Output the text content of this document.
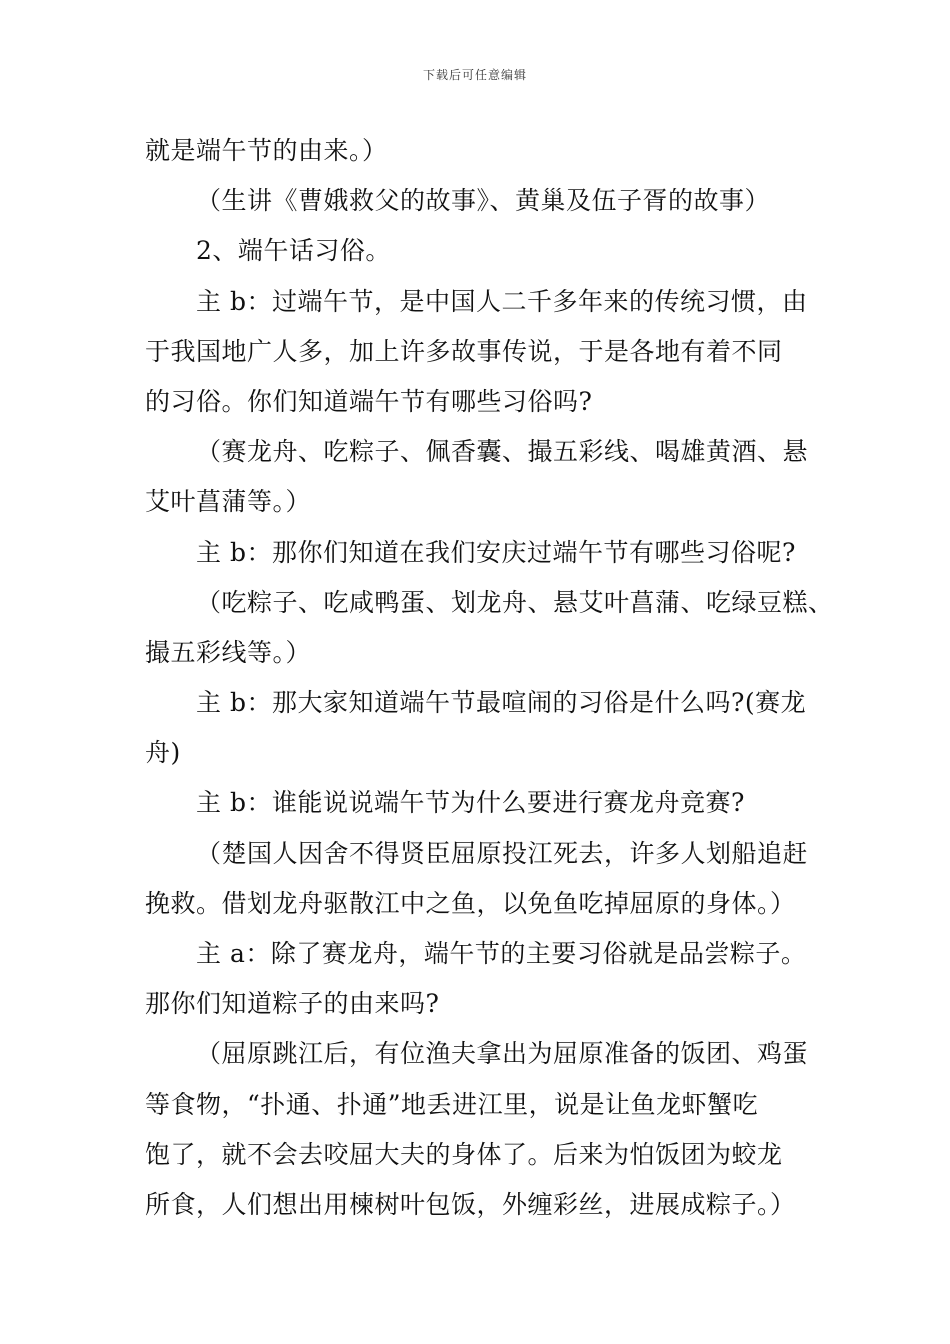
下载后可任意编辑
就是端午节的由来。）
（生讲《曹娥救父的故事》、黄巢及伍子胥的故事）
2、端午话习俗。
主 b：过端午节，是中国人二千多年来的传统习惯，由
于我国地广人多，加上许多故事传说，于是各地有着不同
的习俗。你们知道端午节有哪些习俗吗?
（赛龙舟、吃粽子、佩香囊、撮五彩线、喝雄黄酒、悬
艾叶菖蒲等。）
主 b：那你们知道在我们安庆过端午节有哪些习俗呢?
（吃粽子、吃咸鸭蛋、划龙舟、悬艾叶菖蒲、吃绿豆糕、
撮五彩线等。）
主 b：那大家知道端午节最喧闹的习俗是什么吗?(赛龙
舟)
主 b：谁能说说端午节为什么要进行赛龙舟竞赛?
（楚国人因舍不得贤臣屈原投江死去，许多人划船追赶
挽救。借划龙舟驱散江中之鱼，以免鱼吃掉屈原的身体。）
主 a：除了赛龙舟，端午节的主要习俗就是品尝粽子。
那你们知道粽子的由来吗?
（屈原跳江后，有位渔夫拿出为屈原准备的饭团、鸡蛋
等食物，“扑通、扑通”地丢进江里，说是让鱼龙虾蟹吃
饱了，就不会去咬屈大夫的身体了。后来为怕饭团为蛟龙
所食，人们想出用楝树叶包饭，外缠彩丝，进展成粽子。）
